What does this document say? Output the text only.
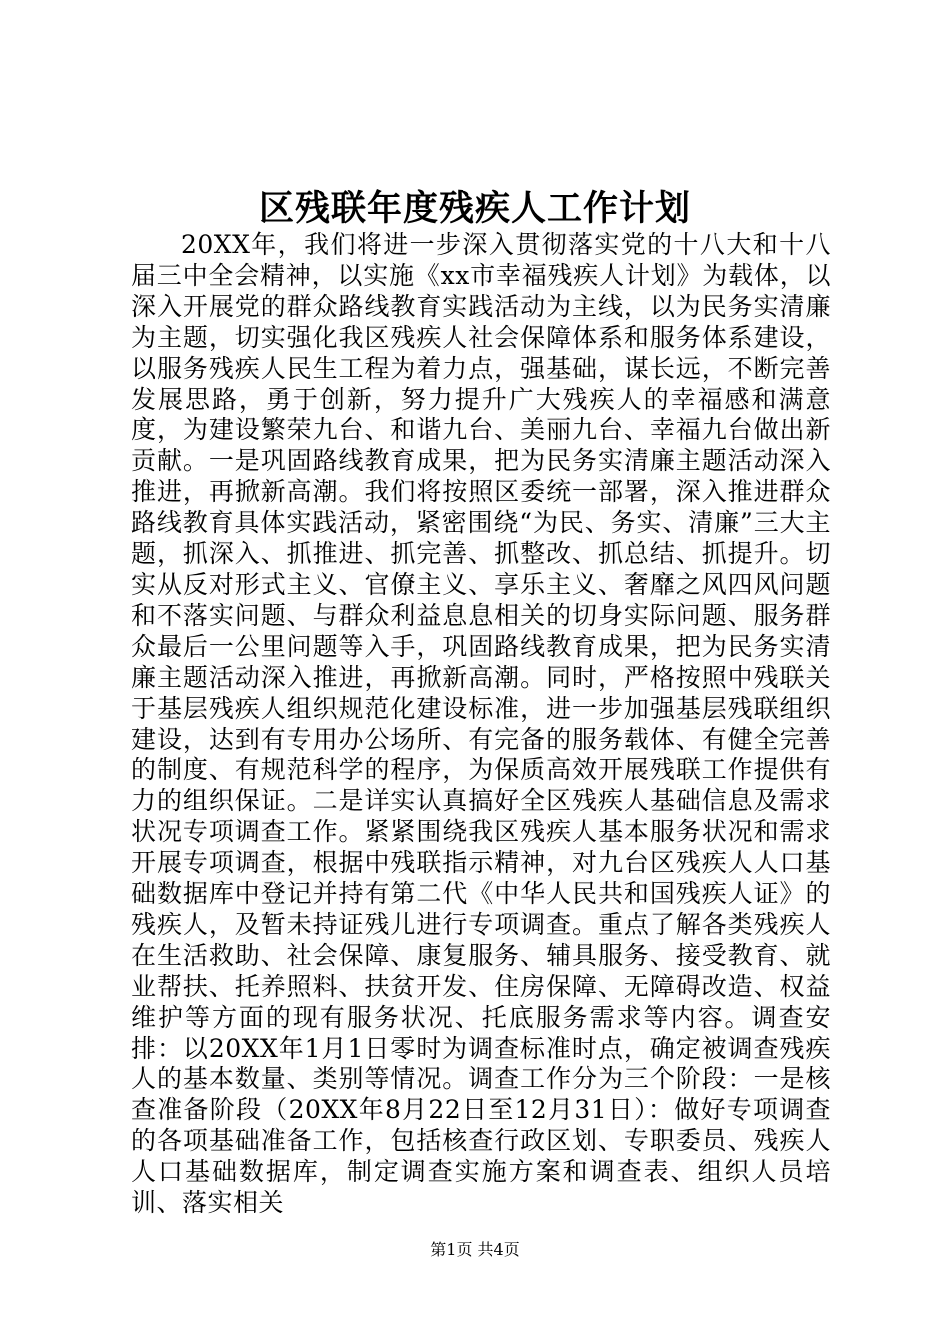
区残联年度残疾人工作计划

20XX年，我们将进一步深入贯彻落实党的十八大和十八届三中全会精神，以实施《xx市幸福残疾人计划》为载体，以深入开展党的群众路线教育实践活动为主线，以为民务实清廉为主题，切实强化我区残疾人社会保障体系和服务体系建设，以服务残疾人民生工程为着力点，强基础，谋长远，不断完善发展思路，勇于创新，努力提升广大残疾人的幸福感和满意度，为建设繁荣九台、和谐九台、美丽九台、幸福九台做出新贡献。一是巩固路线教育成果，把为民务实清廉主题活动深入推进，再掀新高潮。我们将按照区委统一部署，深入推进群众路线教育具体实践活动，紧密围绕“为民、务实、清廉”三大主题，抓深入、抓推进、抓完善、抓整改、抓总结、抓提升。切实从反对形式主义、官僚主义、享乐主义、奢靡之风四风问题和不落实问题、与群众利益息息相关的切身实际问题、服务群众最后一公里问题等入手，巩固路线教育成果，把为民务实清廉主题活动深入推进，再掀新高潮。同时，严格按照中残联关于基层残疾人组织规范化建设标准，进一步加强基层残联组织建设，达到有专用办公场所、有完备的服务载体、有健全完善的制度、有规范科学的程序，为保质高效开展残联工作提供有力的组织保证。二是详实认真搞好全区残疾人基础信息及需求状况专项调查工作。紧紧围绕我区残疾人基本服务状况和需求开展专项调查，根据中残联指示精神，对九台区残疾人人口基础数据库中登记并持有第二代《中华人民共和国残疾人证》的残疾人，及暂未持证残儿进行专项调查。重点了解各类残疾人在生活救助、社会保障、康复服务、辅具服务、接受教育、就业帮扶、托养照料、扶贫开发、住房保障、无障碍改造、权益维护等方面的现有服务状况、托底服务需求等内容。调查安排：以20XX年1月1日零时为调查标准时点，确定被调查残疾人的基本数量、类别等情况。调查工作分为三个阶段：一是核查准备阶段（20XX年8月22日至12月31日）：做好专项调查的各项基础准备工作，包括核查行政区划、专职委员、残疾人人口基础数据库，制定调查实施方案和调查表、组织人员培训、落实相关

第1页 共4页
